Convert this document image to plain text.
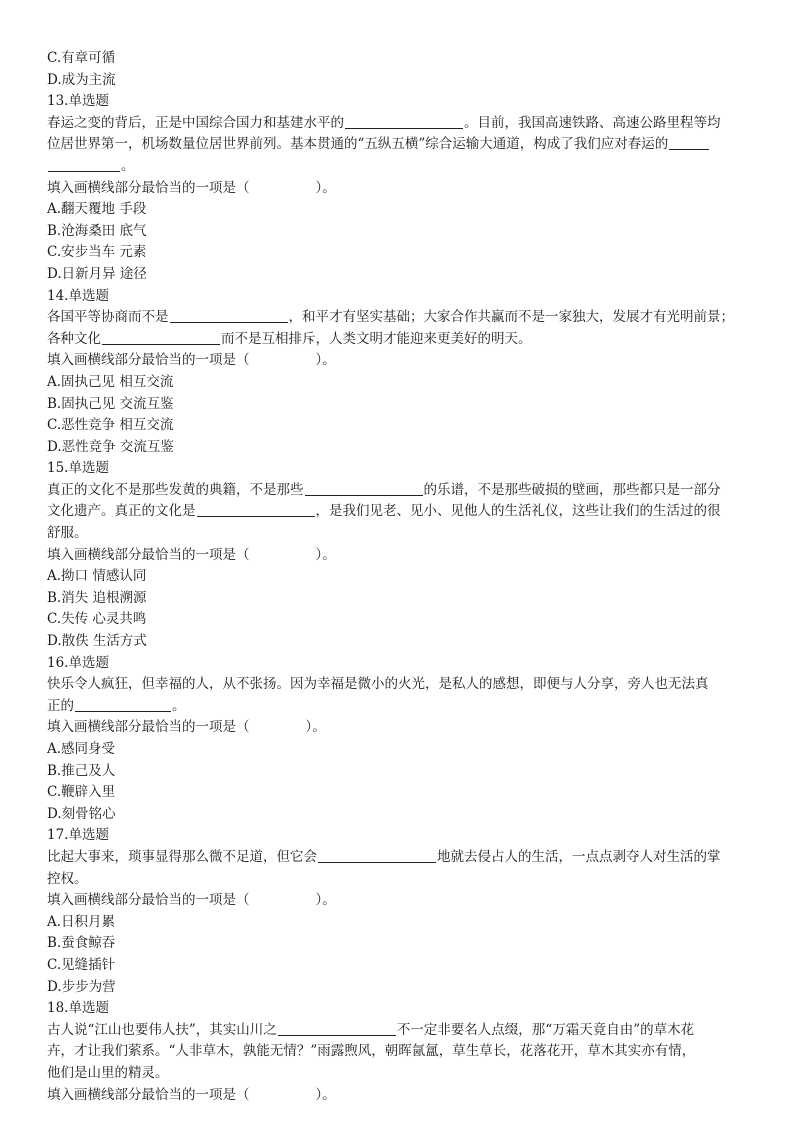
C.有章可循
D.成为主流
13.单选题
春运之变的背后，正是中国综合国力和基建水平的	。目前，我国高速铁路、高速公路里程等均
位居世界第一，机场数量位居世界前列。基本贯通的“五纵五横”综合运输大通道，构成了我们应对春运的
。
填入画横线部分最恰当的一项是（	）。
A.翻天覆地 手段
B.沧海桑田 底气
C.安步当车 元素
D.日新月异 途径
14.单选题
各国平等协商而不是	，和平才有坚实基础；大家合作共赢而不是一家独大，发展才有光明前景；
各种文化	而不是互相排斥，人类文明才能迎来更美好的明天。
填入画横线部分最恰当的一项是（	）。
A.固执己见 相互交流
B.固执己见 交流互鉴
C.恶性竞争 相互交流
D.恶性竞争 交流互鉴
15.单选题
真正的文化不是那些发黄的典籍，不是那些	的乐谱，不是那些破损的壁画，那些都只是一部分
文化遗产。真正的文化是	，是我们见老、见小、见他人的生活礼仪，这些让我们的生活过的很
舒服。
填入画横线部分最恰当的一项是（	）。
A.拗口 情感认同
B.消失 追根溯源
C.失传 心灵共鸣
D.散佚 生活方式
16.单选题
快乐令人疯狂，但幸福的人，从不张扬。因为幸福是微小的火光，是私人的感想，即便与人分享，旁人也无法真
正的	。
填入画横线部分最恰当的一项是（	）。
A.感同身受
B.推己及人
C.鞭辟入里
D.刻骨铭心
17.单选题
比起大事来，琐事显得那么微不足道，但它会	地就去侵占人的生活，一点点剥夺人对生活的掌
控权。
填入画横线部分最恰当的一项是（	）。
A.日积月累
B.蚕食鲸吞
C.见缝插针
D.步步为营
18.单选题
古人说“江山也要伟人扶”，其实山川之	不一定非要名人点缀，那“万霜天竟自由”的草木花
卉，才让我们萦系。“人非草木，孰能无情？”雨露煦风，朝晖氤氲，草生草长，花落花开，草木其实亦有情，
他们是山里的精灵。
填入画横线部分最恰当的一项是（	）。
